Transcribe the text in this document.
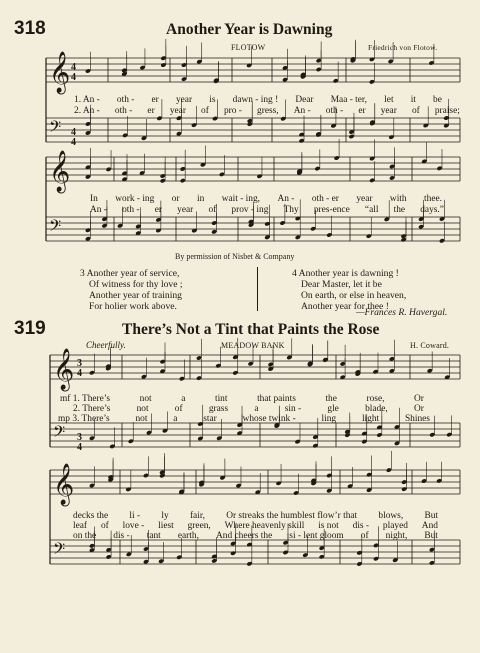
318	Another Year is Dawning
FLOTOW	Friedrich von Flotow.
𝄞
𝄢
𝄞
𝄢
𝄞
𝄢
𝄞
𝄢
4
4
4
4
1. An - oth - er year is dawn - ing ! Dear Maa - ter, let it be
2. An - oth - er year of pro - gress, An - oth - er year of praise;
In work - ing or in wait - ing, An - oth - er year with thee.
An - oth - er year of prov - ing Thy pres-ence “all the days.”
By permission of Nisbet & Company
3 Another year of service,
Of witness for thy love ;
Another year of training
For holier work above.
4 Another year is dawning !
Dear Master, let it be
On earth, or else in heaven,
Another year for thee !
—Frances R. Havergal.
319	There’s Not a Tint that Paints the Rose
Cheerfully.	MEADOW BANK	H. Coward.
3
4
3
4
mf 1. There’s	not	a	tint	that paints	the	rose,	Or
2. There’s	not	of	grass	a	sin -	gle	blade,	Or
mp 3. There’s	not	a	star	whose twink -	ling	light	Shines
decks the li - ly fair, Or streaks the humblest flow’r that blows, But
leaf of love - liest green, Where heavenly skill is not dis - played And
on the dis - tant earth, And cheers the si - lent gloom of night, But
